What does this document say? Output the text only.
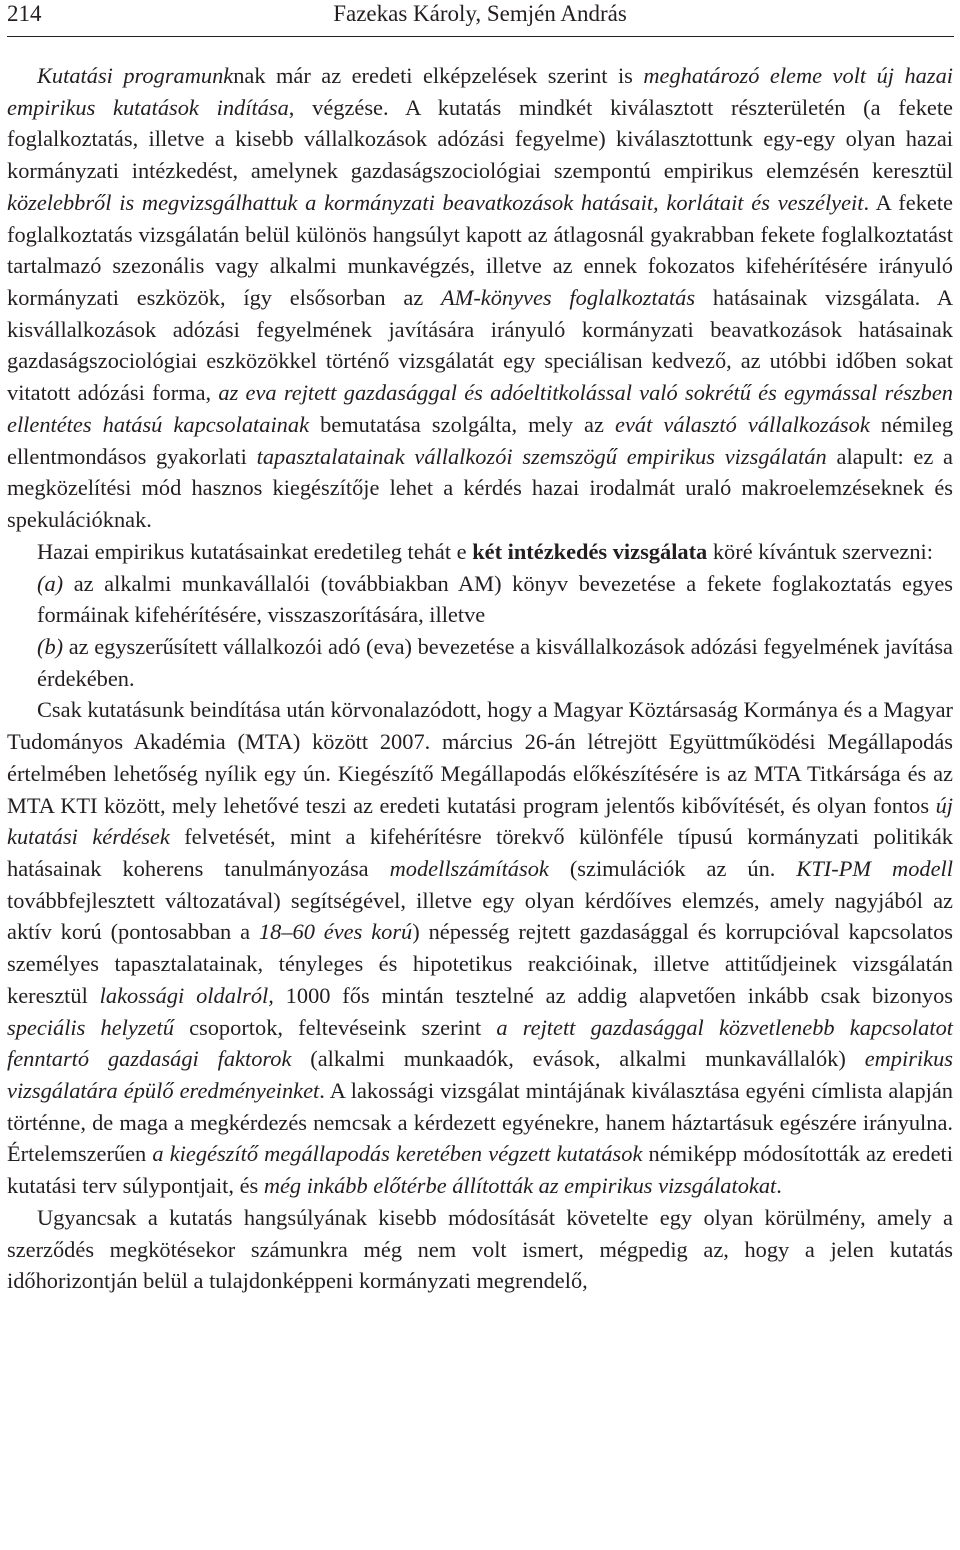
214	Fazekas Károly, Semjén András

Kutatási programunknak már az eredeti elképzelések szerint is meghatározó eleme volt új hazai empirikus kutatások indítása, végzése. A kutatás mindkét kiválasztott részterületén (a fekete foglalkoztatás, illetve a kisebb vállalkozások adózási fegyelme) kiválasztottunk egy-egy olyan hazai kormányzati intézkedést, amelynek gazdaságszociológiai szempontú empirikus elemzésén keresztül közelebbről is megvizsgálhattuk a kormányzati beavatkozások hatásait, korlátait és veszélyeit. A fekete foglalkoztatás vizsgálatán belül különös hangsúlyt kapott az átlagosnál gyakrabban fekete foglalkoztatást tartalmazó szezonális vagy alkalmi munkavégzés, illetve az ennek fokozatos kifehérítésére irányuló kormányzati eszközök, így elsősorban az AM-könyves foglalkoztatás hatásainak vizsgálata. A kisvállalkozások adózási fegyelmének javítására irányuló kormányzati beavatkozások hatásainak gazdaságszociológiai eszközökkel történő vizsgálatát egy speciálisan kedvező, az utóbbi időben sokat vitatott adózási forma, az eva rejtett gazdasággal és adóeltitkolással való sokrétű és egymással részben ellentétes hatású kapcsolatainak bemutatása szolgálta, mely az evát választó vállalkozások némileg ellentmondásos gyakorlati tapasztalatainak vállalkozói szemszögű empirikus vizsgálatán alapult: ez a megközelítési mód hasznos kiegészítője lehet a kérdés hazai irodalmát uraló makroelemzéseknek és spekulációknak.

Hazai empirikus kutatásainkat eredetileg tehát e két intézkedés vizsgálata köré kívántuk szervezni:

(a) az alkalmi munkavállalói (továbbiakban AM) könyv bevezetése a fekete foglakoztatás egyes formáinak kifehérítésére, visszaszorítására, illetve

(b) az egyszerűsített vállalkozói adó (eva) bevezetése a kisvállalkozások adózási fegyelmének javítása érdekében.

Csak kutatásunk beindítása után körvonalazódott, hogy a Magyar Köztársaság Kormánya és a Magyar Tudományos Akadémia (MTA) között 2007. március 26-án létrejött Együttműködési Megállapodás értelmében lehetőség nyílik egy ún. Kiegészítő Megállapodás előkészítésére is az MTA Titkársága és az MTA KTI között, mely lehetővé teszi az eredeti kutatási program jelentős kibővítését, és olyan fontos új kutatási kérdések felvetését, mint a kifehérítésre törekvő különféle típusú kormányzati politikák hatásainak koherens tanulmányozása modellszámítások (szimulációk az ún. KTI-PM modell továbbfejlesztett változatával) segítségével, illetve egy olyan kérdőíves elemzés, amely nagyjából az aktív korú (pontosabban a 18–60 éves korú) népesség rejtett gazdasággal és korrupcióval kapcsolatos személyes tapasztalatainak, tényleges és hipotetikus reakcióinak, illetve attitűdjeinek vizsgálatán keresztül lakossági oldalról, 1000 fős mintán tesztelné az addig alapvetően inkább csak bizonyos speciális helyzetű csoportok, feltevéseink szerint a rejtett gazdasággal közvetlenebb kapcsolatot fenntartó gazdasági faktorok (alkalmi munkaadók, evások, alkalmi munkavállalók) empirikus vizsgálatára épülő eredményeinket. A lakossági vizsgálat mintájának kiválasztása egyéni címlista alapján történne, de maga a megkérdezés nemcsak a kérdezett egyénekre, hanem háztartásuk egészére irányulna. Értelemszerűen a kiegészítő megállapodás keretében végzett kutatások némiképp módosították az eredeti kutatási terv súlypontjait, és még inkább előtérbe állították az empirikus vizsgálatokat.

Ugyancsak a kutatás hangsúlyának kisebb módosítását követelte egy olyan körülmény, amely a szerződés megkötésekor számunkra még nem volt ismert, mégpedig az, hogy a jelen kutatás időhorizontján belül a tulajdonképpeni kormányzati megrendelő,
